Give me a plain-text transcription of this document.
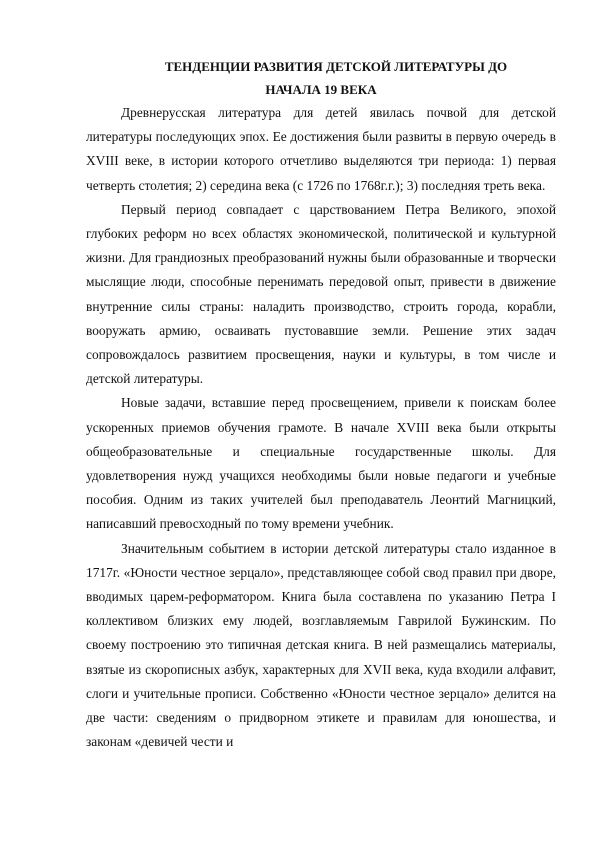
ТЕНДЕНЦИИ РАЗВИТИЯ ДЕТСКОЙ ЛИТЕРАТУРЫ ДО
НАЧАЛА 19 ВЕКА

Древнерусская литература для детей явилась почвой для детской литературы последующих эпох. Ее достижения были развиты в первую очередь в XVIII веке, в истории которого отчетливо выделяются три периода: 1) первая четверть столетия; 2) середина века (с 1726 по 1768г.г.); 3) последняя треть века.

Первый период совпадает с царствованием Петра Великого, эпохой глубоких реформ но всех областях экономической, политической и культурной жизни. Для грандиозных преобразований нужны были образованные и творчески мыслящие люди, способные перенимать передовой опыт, привести в движение внутренние силы страны: наладить производство, строить города, корабли, вооружать армию, осваивать пустовавшие земли. Решение этих задач сопровождалось развитием просвещения, науки и культуры, в том числе и детской литературы.

Новые задачи, вставшие перед просвещением, привели к поискам более ускоренных приемов обучения грамоте. В начале XVIII века были открыты общеобразовательные и специальные государственные школы. Для удовлетворения нужд учащихся необходимы были новые педагоги и учебные пособия. Одним из таких учителей был преподаватель Леонтий Магницкий, написавший превосходный по тому времени учебник.

Значительным событием в истории детской литературы стало изданное в 1717г. «Юности честное зерцало», представляющее собой свод правил при дворе, вводимых царем-реформатором. Книга была составлена по указанию Петра I коллективом близких ему людей, возглавляемым Гаврилой Бужинским. По своему построению это типичная детская книга. В ней размещались материалы, взятые из скорописных азбук, характерных для XVII века, куда входили алфавит, слоги и учительные прописи. Собственно «Юности честное зерцало» делится на две части: сведениям о придворном этикете и правилам для юношества, и законам «девичей чести и
